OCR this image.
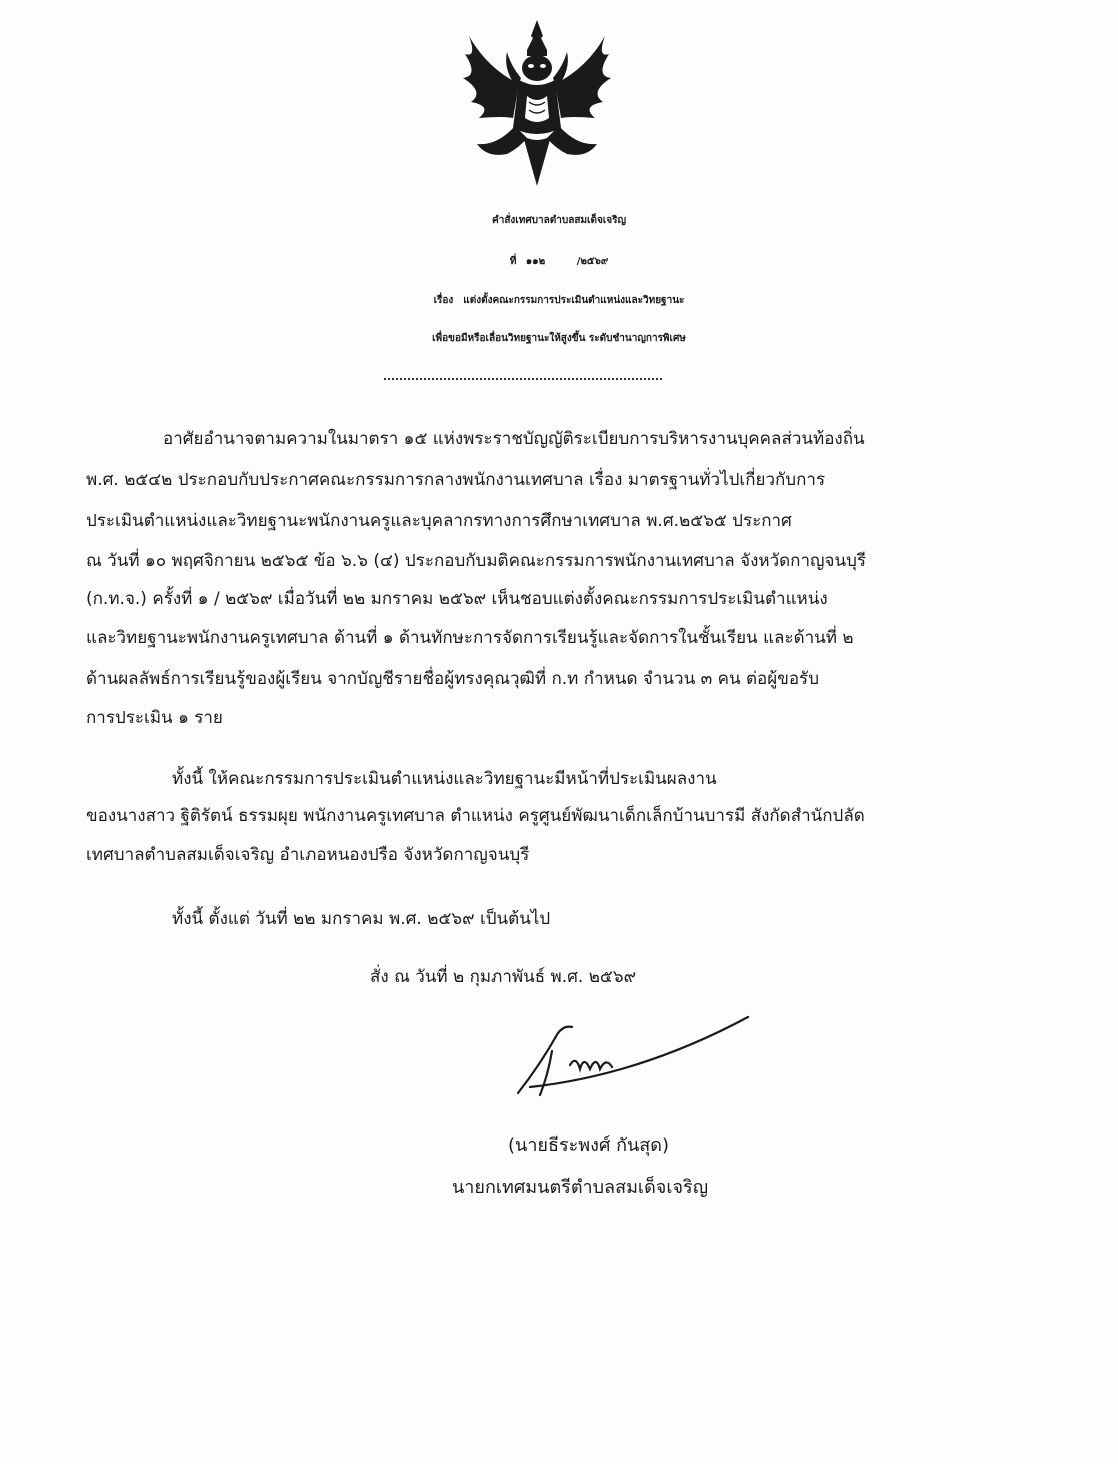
คำสั่งเทศบาลตำบลสมเด็จเจริญ
ที่ ๑๑๒	/๒๕๖๙
เรื่อง แต่งตั้งคณะกรรมการประเมินตำแหน่งและวิทยฐานะ
เพื่อขอมีหรือเลื่อนวิทยฐานะให้สูงขึ้น ระดับชำนาญการพิเศษ
อาศัยอำนาจตามความในมาตรา ๑๕ แห่งพระราชบัญญัติระเบียบการบริหารงานบุคคลส่วนท้องถิ่น
พ.ศ. ๒๕๔๒ ประกอบกับประกาศคณะกรรมการกลางพนักงานเทศบาล เรื่อง มาตรฐานทั่วไปเกี่ยวกับการ
ประเมินตำแหน่งและวิทยฐานะพนักงานครูและบุคลากรทางการศึกษาเทศบาล พ.ศ.๒๕๖๕ ประกาศ
ณ วันที่ ๑๐ พฤศจิกายน ๒๕๖๕ ข้อ ๖.๖ (๔) ประกอบกับมติคณะกรรมการพนักงานเทศบาล จังหวัดกาญจนบุรี
(ก.ท.จ.) ครั้งที่ ๑ / ๒๕๖๙ เมื่อวันที่ ๒๒ มกราคม ๒๕๖๙ เห็นชอบแต่งตั้งคณะกรรมการประเมินตำแหน่ง
และวิทยฐานะพนักงานครูเทศบาล ด้านที่ ๑ ด้านทักษะการจัดการเรียนรู้และจัดการในชั้นเรียน และด้านที่ ๒
ด้านผลลัพธ์การเรียนรู้ของผู้เรียน จากบัญชีรายชื่อผู้ทรงคุณวุฒิที่ ก.ท กำหนด จำนวน ๓ คน ต่อผู้ขอรับ
การประเมิน ๑ ราย
ทั้งนี้ ให้คณะกรรมการประเมินตำแหน่งและวิทยฐานะมีหน้าที่ประเมินผลงาน
ของนางสาว ฐิติรัตน์ ธรรมผุย พนักงานครูเทศบาล ตำแหน่ง ครูศูนย์พัฒนาเด็กเล็กบ้านบารมี สังกัดสำนักปลัด
เทศบาลตำบลสมเด็จเจริญ อำเภอหนองปรือ จังหวัดกาญจนบุรี
ทั้งนี้ ตั้งแต่ วันที่ ๒๒ มกราคม พ.ศ. ๒๕๖๙ เป็นต้นไป
สั่ง ณ วันที่ ๒ กุมภาพันธ์ พ.ศ. ๒๕๖๙
(นายธีระพงศ์ กันสุด)
นายกเทศมนตรีตำบลสมเด็จเจริญ
